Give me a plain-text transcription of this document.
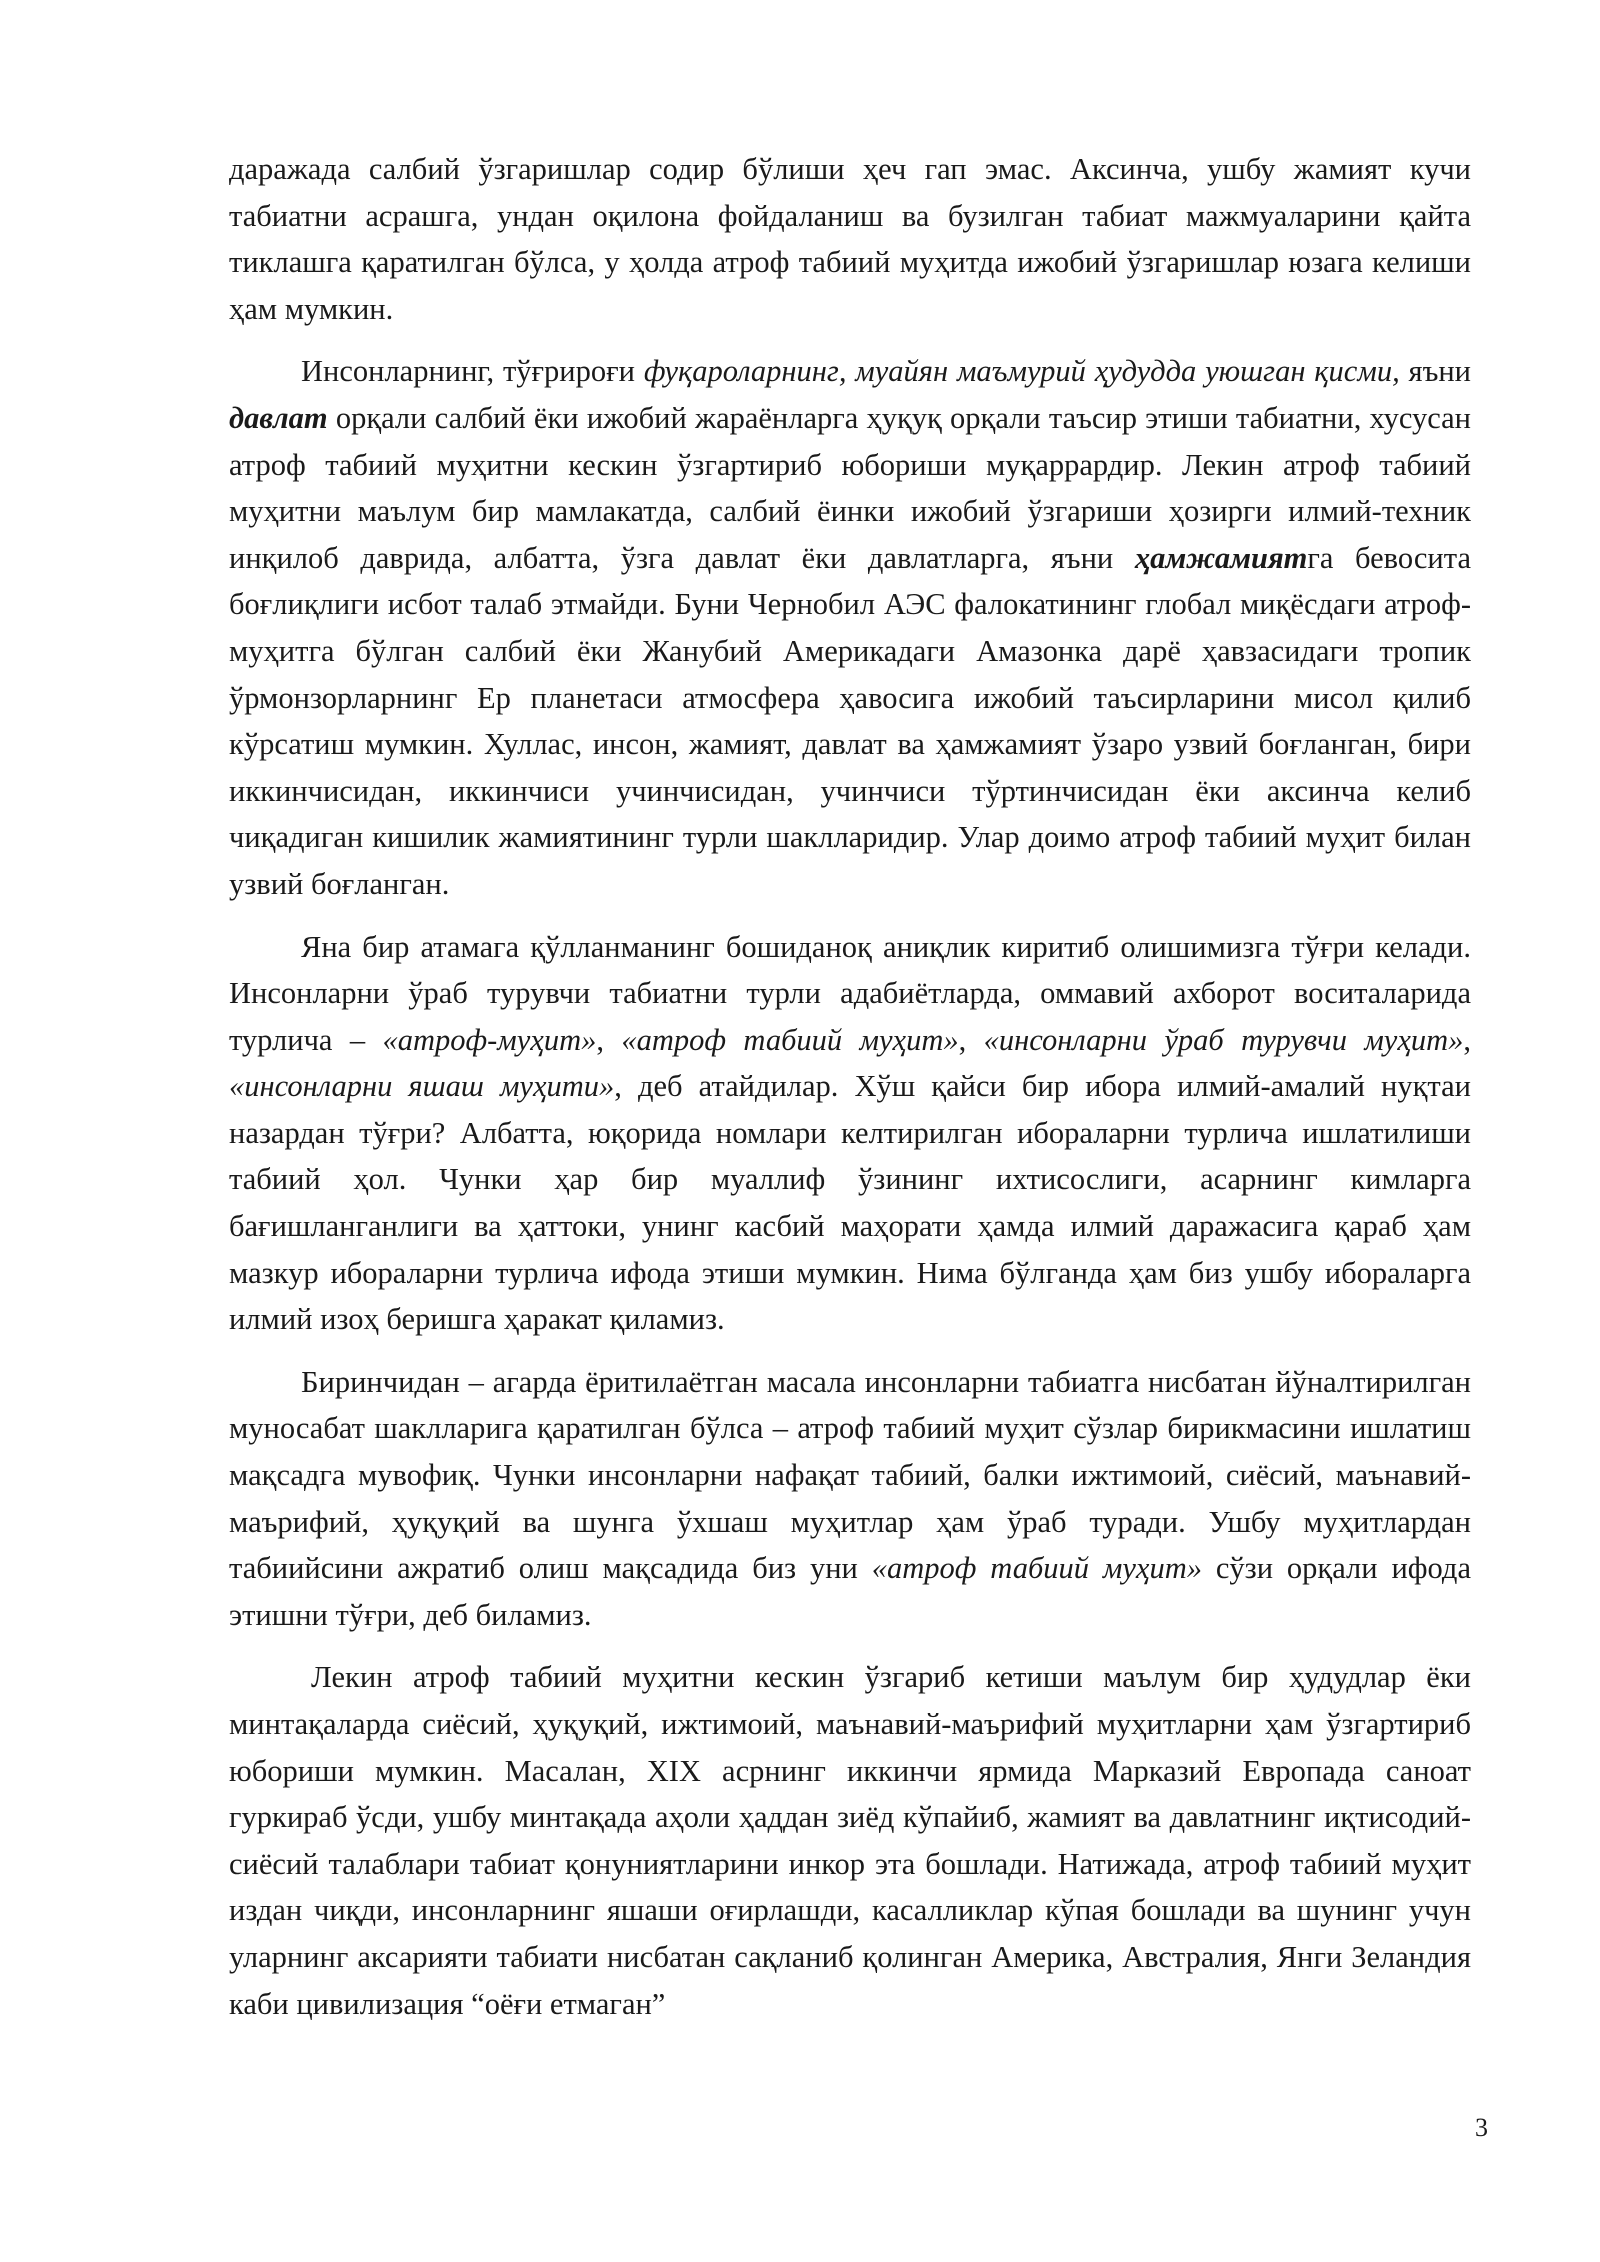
даражада салбий ўзгаришлар содир бўлиши ҳеч гап эмас. Аксинча, ушбу жамият кучи табиатни асрашга, ундан оқилона фойдаланиш ва бузилган табиат мажмуаларини қайта тиклашга қаратилган бўлса, у ҳолда атроф табиий муҳитда ижобий ўзгаришлар юзага келиши ҳам мумкин.

Инсонларнинг, тўғрироғи фуқароларнинг, муайян маъмурий ҳудудда уюшган қисми, яъни давлат орқали салбий ёки ижобий жараёнларга ҳуқуқ орқали таъсир этиши табиатни, хусусан атроф табиий муҳитни кескин ўзгартириб юбориши муқаррардир. Лекин атроф табиий муҳитни маълум бир мамлакатда, салбий ёинки ижобий ўзгариши ҳозирги илмий-техник инқилоб даврида, албатта, ўзга давлат ёки давлатларга, яъни ҳамжамиятга бевосита боғлиқлиги исбот талаб этмайди. Буни Чернобил АЭС фалокатининг глобал миқёсдаги атроф-муҳитга бўлган салбий ёки Жанубий Америкадаги Амазонка дарё ҳавзасидаги тропик ўрмонзорларнинг Ер планетаси атмосфера ҳавосига ижобий таъсирларини мисол қилиб кўрсатиш мумкин. Хуллас, инсон, жамият, давлат ва ҳамжамият ўзаро узвий боғланган, бири иккинчисидан, иккинчиси учинчисидан, учинчиси тўртинчисидан ёки аксинча келиб чиқадиган кишилик жамиятининг турли шаклларидир. Улар доимо атроф табиий муҳит билан узвий боғланган.

Яна бир атамага қўлланманинг бошиданоқ аниқлик киритиб олишимизга тўғри келади. Инсонларни ўраб турувчи табиатни турли адабиётларда, оммавий ахборот воситаларида турлича – «атроф-муҳит», «атроф табиий муҳит», «инсонларни ўраб турувчи муҳит», «инсонларни яшаш муҳити», деб атайдилар. Хўш қайси бир ибора илмий-амалий нуқтаи назардан тўғри? Албатта, юқорида номлари келтирилган ибораларни турлича ишлатилиши табиий ҳол. Чунки ҳар бир муаллиф ўзининг ихтисослиги, асарнинг кимларга бағишланганлиги ва ҳаттоки, унинг касбий маҳорати ҳамда илмий даражасига қараб ҳам мазкур ибораларни турлича ифода этиши мумкин. Нима бўлганда ҳам биз ушбу ибораларга илмий изоҳ беришга ҳаракат қиламиз.

Биринчидан – агарда ёритилаётган масала инсонларни табиатга нисбатан йўналтирилган муносабат шаклларига қаратилган бўлса – атроф табиий муҳит сўзлар бирикмасини ишлатиш мақсадга мувофиқ. Чунки инсонларни нафақат табиий, балки ижтимоий, сиёсий, маънавий- маърифий, ҳуқуқий ва шунга ўхшаш муҳитлар ҳам ўраб туради. Ушбу муҳитлардан табиийсини ажратиб олиш мақсадида биз уни «атроф табиий муҳит» сўзи орқали ифода этишни тўғри, деб биламиз.

Лекин атроф табиий муҳитни кескин ўзгариб кетиши маълум бир ҳудудлар ёки минтақаларда сиёсий, ҳуқуқий, ижтимоий, маънавий-маърифий муҳитларни ҳам ўзгартириб юбориши мумкин. Масалан, XIX асрнинг иккинчи ярмида Марказий Европада саноат гуркираб ўсди, ушбу минтақада аҳоли ҳаддан зиёд кўпайиб, жамият ва давлатнинг иқтисодий-сиёсий талаблари табиат қонуниятларини инкор эта бошлади. Натижада, атроф табиий муҳит издан чиқди, инсонларнинг яшаши оғирлашди, касалликлар кўпая бошлади ва шунинг учун уларнинг аксарияти табиати нисбатан сақланиб қолинган Америка, Австралия, Янги Зеландия каби цивилизация “оёғи етмаган”

3
